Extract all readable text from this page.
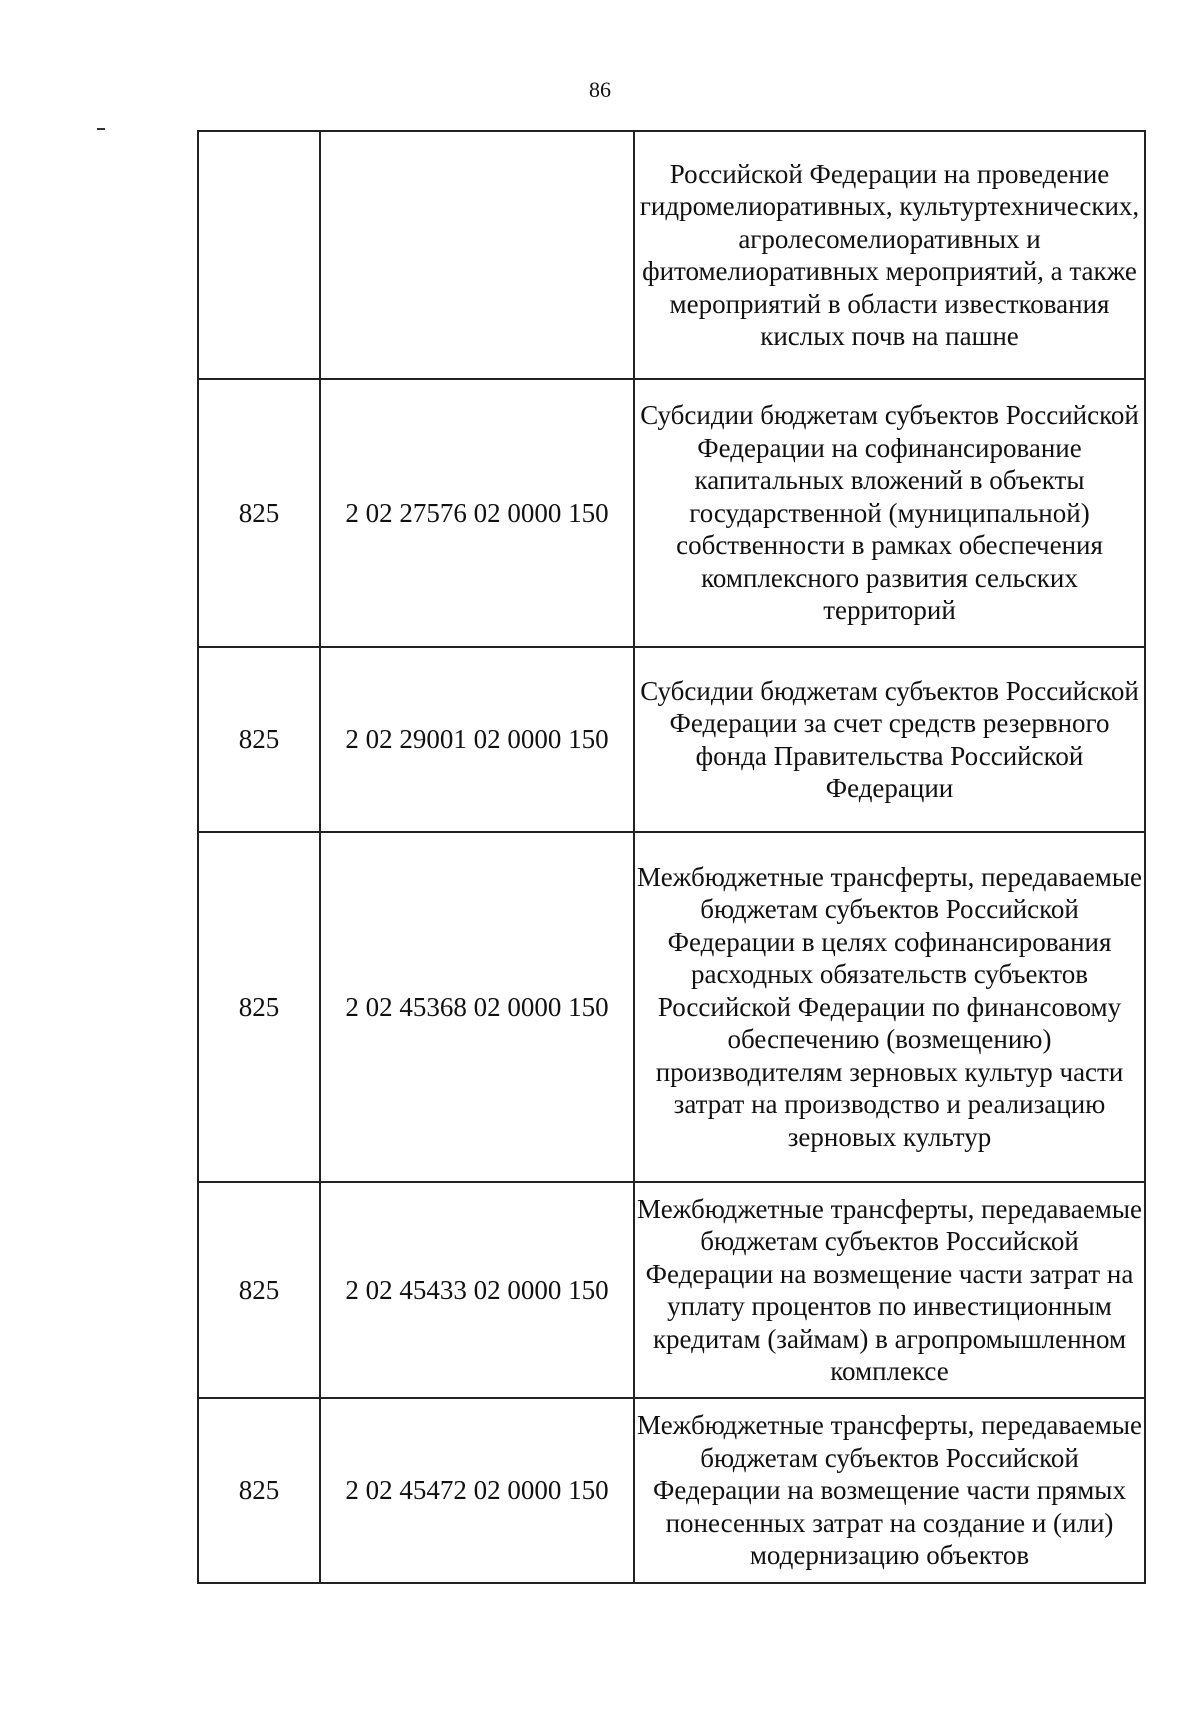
86

		Российской Федерации на проведение гидромелиоративных, культуртехнических, агролесомелиоративных и фитомелиоративных мероприятий, а также мероприятий в области известкования кислых почв на пашне

825	2 02 27576 02 0000 150	Субсидии бюджетам субъектов Российской Федерации на софинансирование капитальных вложений в объекты государственной (муниципальной) собственности в рамках обеспечения комплексного развития сельских территорий

825	2 02 29001 02 0000 150	Субсидии бюджетам субъектов Российской Федерации за счет средств резервного фонда Правительства Российской Федерации

825	2 02 45368 02 0000 150	Межбюджетные трансферты, передаваемые бюджетам субъектов Российской Федерации в целях софинансирования расходных обязательств субъектов Российской Федерации по финансовому обеспечению (возмещению) производителям зерновых культур части затрат на производство и реализацию зерновых культур

825	2 02 45433 02 0000 150	Межбюджетные трансферты, передаваемые бюджетам субъектов Российской Федерации на возмещение части затрат на уплату процентов по инвестиционным кредитам (займам) в агропромышленном комплексе

825	2 02 45472 02 0000 150	Межбюджетные трансферты, передаваемые бюджетам субъектов Российской Федерации на возмещение части прямых понесенных затрат на создание и (или) модернизацию объектов
